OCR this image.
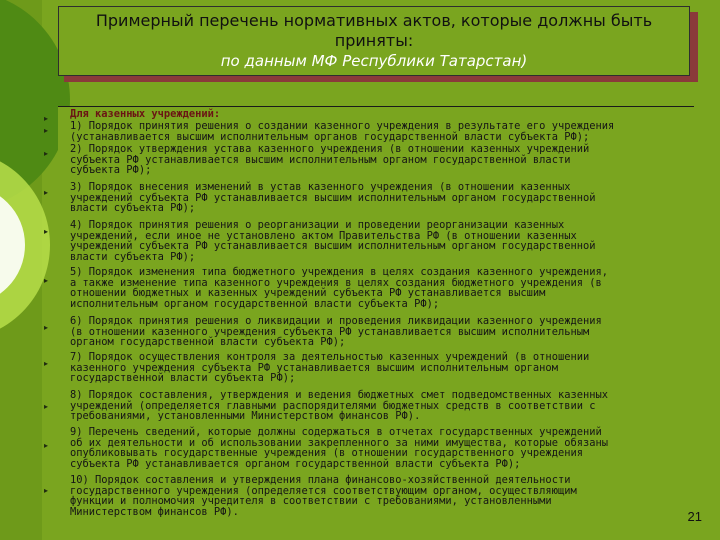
Примерный перечень нормативных актов, которые должны быть
приняты:
по данным МФ Республики Татарстан)
▸
▸
▸
▸
▸
▸
▸
▸
▸
▸
▸
Для казенных учреждений:
1) Порядок принятия решения о создании казенного учреждения в результате его учреждения
(устанавливается высшим исполнительным органов государственной власти субъекта РФ);
2) Порядок утверждения устава казенного учреждения (в отношении казенных учреждений
субъекта РФ устанавливается высшим исполнительным органом государственной власти
субъекта РФ);
3) Порядок внесения изменений в устав казенного учреждения (в отношении казенных
учреждений субъекта РФ устанавливается высшим исполнительным органом государственной
власти субъекта РФ);
4) Порядок принятия решения о реорганизации и проведении реорганизации казенных
учреждений, если иное не установлено актом Правительства РФ (в отношении казенных
учреждений субъекта РФ устанавливается высшим исполнительным органом государственной
власти субъекта РФ);
5) Порядок изменения типа бюджетного учреждения в целях создания казенного учреждения,
а также изменение типа казенного учреждения в целях создания бюджетного учреждения (в
отношении бюджетных и казенных учреждений субъекта РФ устанавливается высшим
исполнительным органом государственной власти субъекта РФ);
6) Порядок принятия решения о ликвидации и проведения ликвидации казенного учреждения
(в отношении казенного учреждения субъекта РФ устанавливается высшим исполнительным
органом государственной власти субъекта РФ);
7) Порядок осуществления контроля за деятельностью казенных учреждений (в отношении
казенного учреждения субъекта РФ устанавливается высшим исполнительным органом
государственной власти субъекта РФ);
8) Порядок составления, утверждения и ведения бюджетных смет подведомственных казенных
учреждений (определяется главными распорядителями бюджетных средств в соответствии с
требованиями, установленными Министерством финансов РФ).
9) Перечень сведений, которые должны содержаться в отчетах государственных учреждений
об их деятельности и об использовании закрепленного за ними имущества, которые обязаны
опубликовывать государственные учреждения (в отношении государственного учреждения
субъекта РФ устанавливается органом государственной власти субъекта РФ);
10) Порядок составления и утверждения плана финансово-хозяйственной деятельности
государственного учреждения (определяется соответствующим органом, осуществляющим
функции и полномочия учредителя в соответствии с требованиями, установленными
Министерством финансов РФ).	21
